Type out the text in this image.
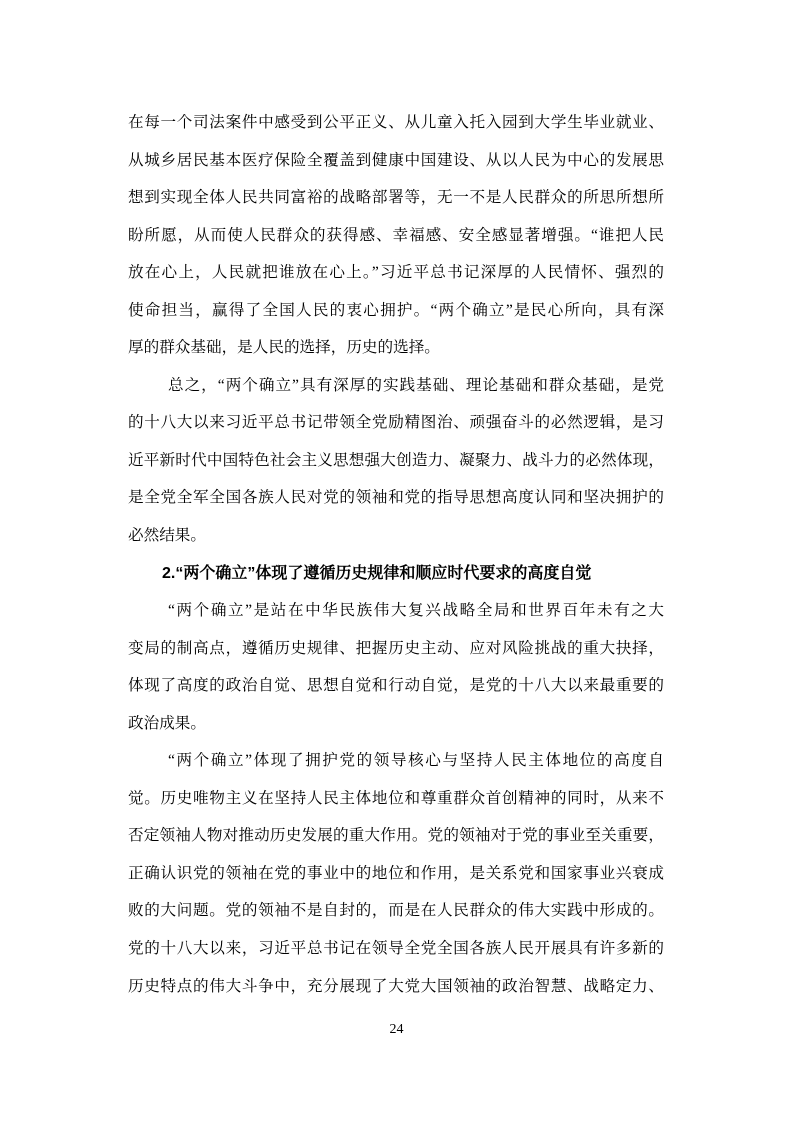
在每一个司法案件中感受到公平正义、从儿童入托入园到大学生毕业就业、
从城乡居民基本医疗保险全覆盖到健康中国建设、从以人民为中心的发展思
想到实现全体人民共同富裕的战略部署等，无一不是人民群众的所思所想所
盼所愿，从而使人民群众的获得感、幸福感、安全感显著增强。“谁把人民
放在心上，人民就把谁放在心上。”习近平总书记深厚的人民情怀、强烈的
使命担当，赢得了全国人民的衷心拥护。“两个确立”是民心所向，具有深
厚的群众基础，是人民的选择，历史的选择。
总之，“两个确立”具有深厚的实践基础、理论基础和群众基础，是党
的十八大以来习近平总书记带领全党励精图治、顽强奋斗的必然逻辑，是习
近平新时代中国特色社会主义思想强大创造力、凝聚力、战斗力的必然体现，
是全党全军全国各族人民对党的领袖和党的指导思想高度认同和坚决拥护的
必然结果。
2.“两个确立”体现了遵循历史规律和顺应时代要求的高度自觉
“两个确立”是站在中华民族伟大复兴战略全局和世界百年未有之大
变局的制高点，遵循历史规律、把握历史主动、应对风险挑战的重大抉择，
体现了高度的政治自觉、思想自觉和行动自觉，是党的十八大以来最重要的
政治成果。
“两个确立”体现了拥护党的领导核心与坚持人民主体地位的高度自
觉。历史唯物主义在坚持人民主体地位和尊重群众首创精神的同时，从来不
否定领袖人物对推动历史发展的重大作用。党的领袖对于党的事业至关重要，
正确认识党的领袖在党的事业中的地位和作用，是关系党和国家事业兴衰成
败的大问题。党的领袖不是自封的，而是在人民群众的伟大实践中形成的。
党的十八大以来，习近平总书记在领导全党全国各族人民开展具有许多新的
历史特点的伟大斗争中，充分展现了大党大国领袖的政治智慧、战略定力、
24
